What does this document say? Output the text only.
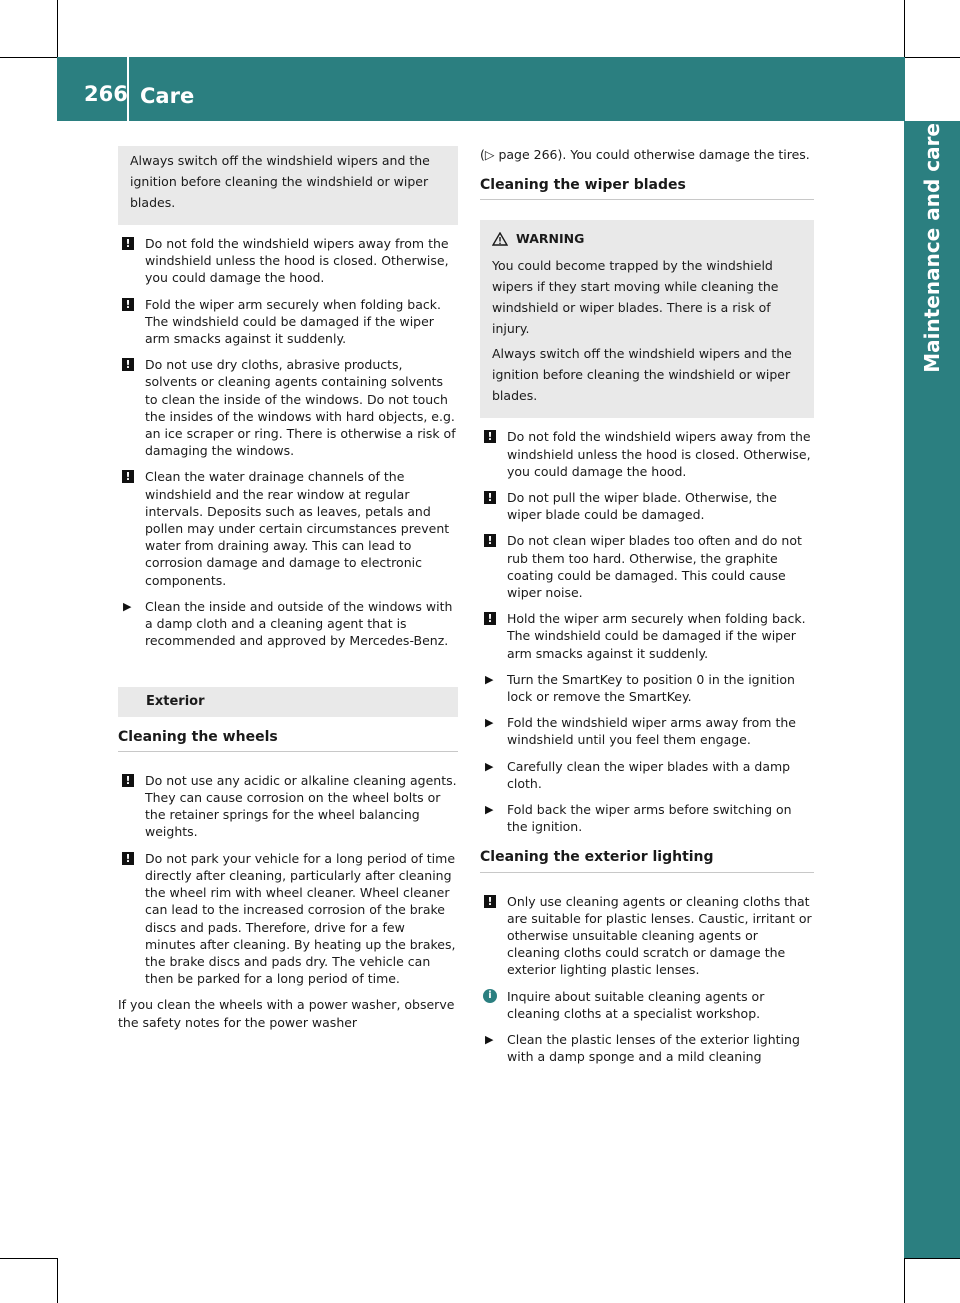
266 Care
Maintenance and care

Always switch off the windshield wipers and the ignition before cleaning the windshield or wiper blades.

! Do not fold the windshield wipers away from the windshield unless the hood is closed. Otherwise, you could damage the hood.
! Fold the wiper arm securely when folding back. The windshield could be damaged if the wiper arm smacks against it suddenly.
! Do not use dry cloths, abrasive products, solvents or cleaning agents containing solvents to clean the inside of the windows. Do not touch the insides of the windows with hard objects, e.g. an ice scraper or ring. There is otherwise a risk of damaging the windows.
! Clean the water drainage channels of the windshield and the rear window at regular intervals. Deposits such as leaves, petals and pollen may under certain circumstances prevent water from draining away. This can lead to corrosion damage and damage to electronic components.
▶ Clean the inside and outside of the windows with a damp cloth and a cleaning agent that is recommended and approved by Mercedes-Benz.
Exterior
Cleaning the wheels
! Do not use any acidic or alkaline cleaning agents. They can cause corrosion on the wheel bolts or the retainer springs for the wheel balancing weights.
! Do not park your vehicle for a long period of time directly after cleaning, particularly after cleaning the wheel rim with wheel cleaner. Wheel cleaner can lead to the increased corrosion of the brake discs and pads. Therefore, drive for a few minutes after cleaning. By heating up the brakes, the brake discs and pads dry. The vehicle can then be parked for a long period of time.

If you clean the wheels with a power washer, observe the safety notes for the power washer

(▷ page 266). You could otherwise damage the tires.

Cleaning the wiper blades
WARNING

You could become trapped by the windshield wipers if they start moving while cleaning the windshield or wiper blades. There is a risk of injury.

Always switch off the windshield wipers and the ignition before cleaning the windshield or wiper blades.

! Do not fold the windshield wipers away from the windshield unless the hood is closed. Otherwise, you could damage the hood.
! Do not pull the wiper blade. Otherwise, the wiper blade could be damaged.
! Do not clean wiper blades too often and do not rub them too hard. Otherwise, the graphite coating could be damaged. This could cause wiper noise.
! Hold the wiper arm securely when folding back. The windshield could be damaged if the wiper arm smacks against it suddenly.
▶ Turn the SmartKey to position 0 in the ignition lock or remove the SmartKey.
▶ Fold the windshield wiper arms away from the windshield until you feel them engage.
▶ Carefully clean the wiper blades with a damp cloth.
▶ Fold back the wiper arms before switching on the ignition.
Cleaning the exterior lighting
! Only use cleaning agents or cleaning cloths that are suitable for plastic lenses. Caustic, irritant or otherwise unsuitable cleaning agents or cleaning cloths could scratch or damage the exterior lighting plastic lenses.
i	Inquire about suitable cleaning agents or cleaning cloths at a specialist workshop.
▶ Clean the plastic lenses of the exterior lighting with a damp sponge and a mild cleaning
